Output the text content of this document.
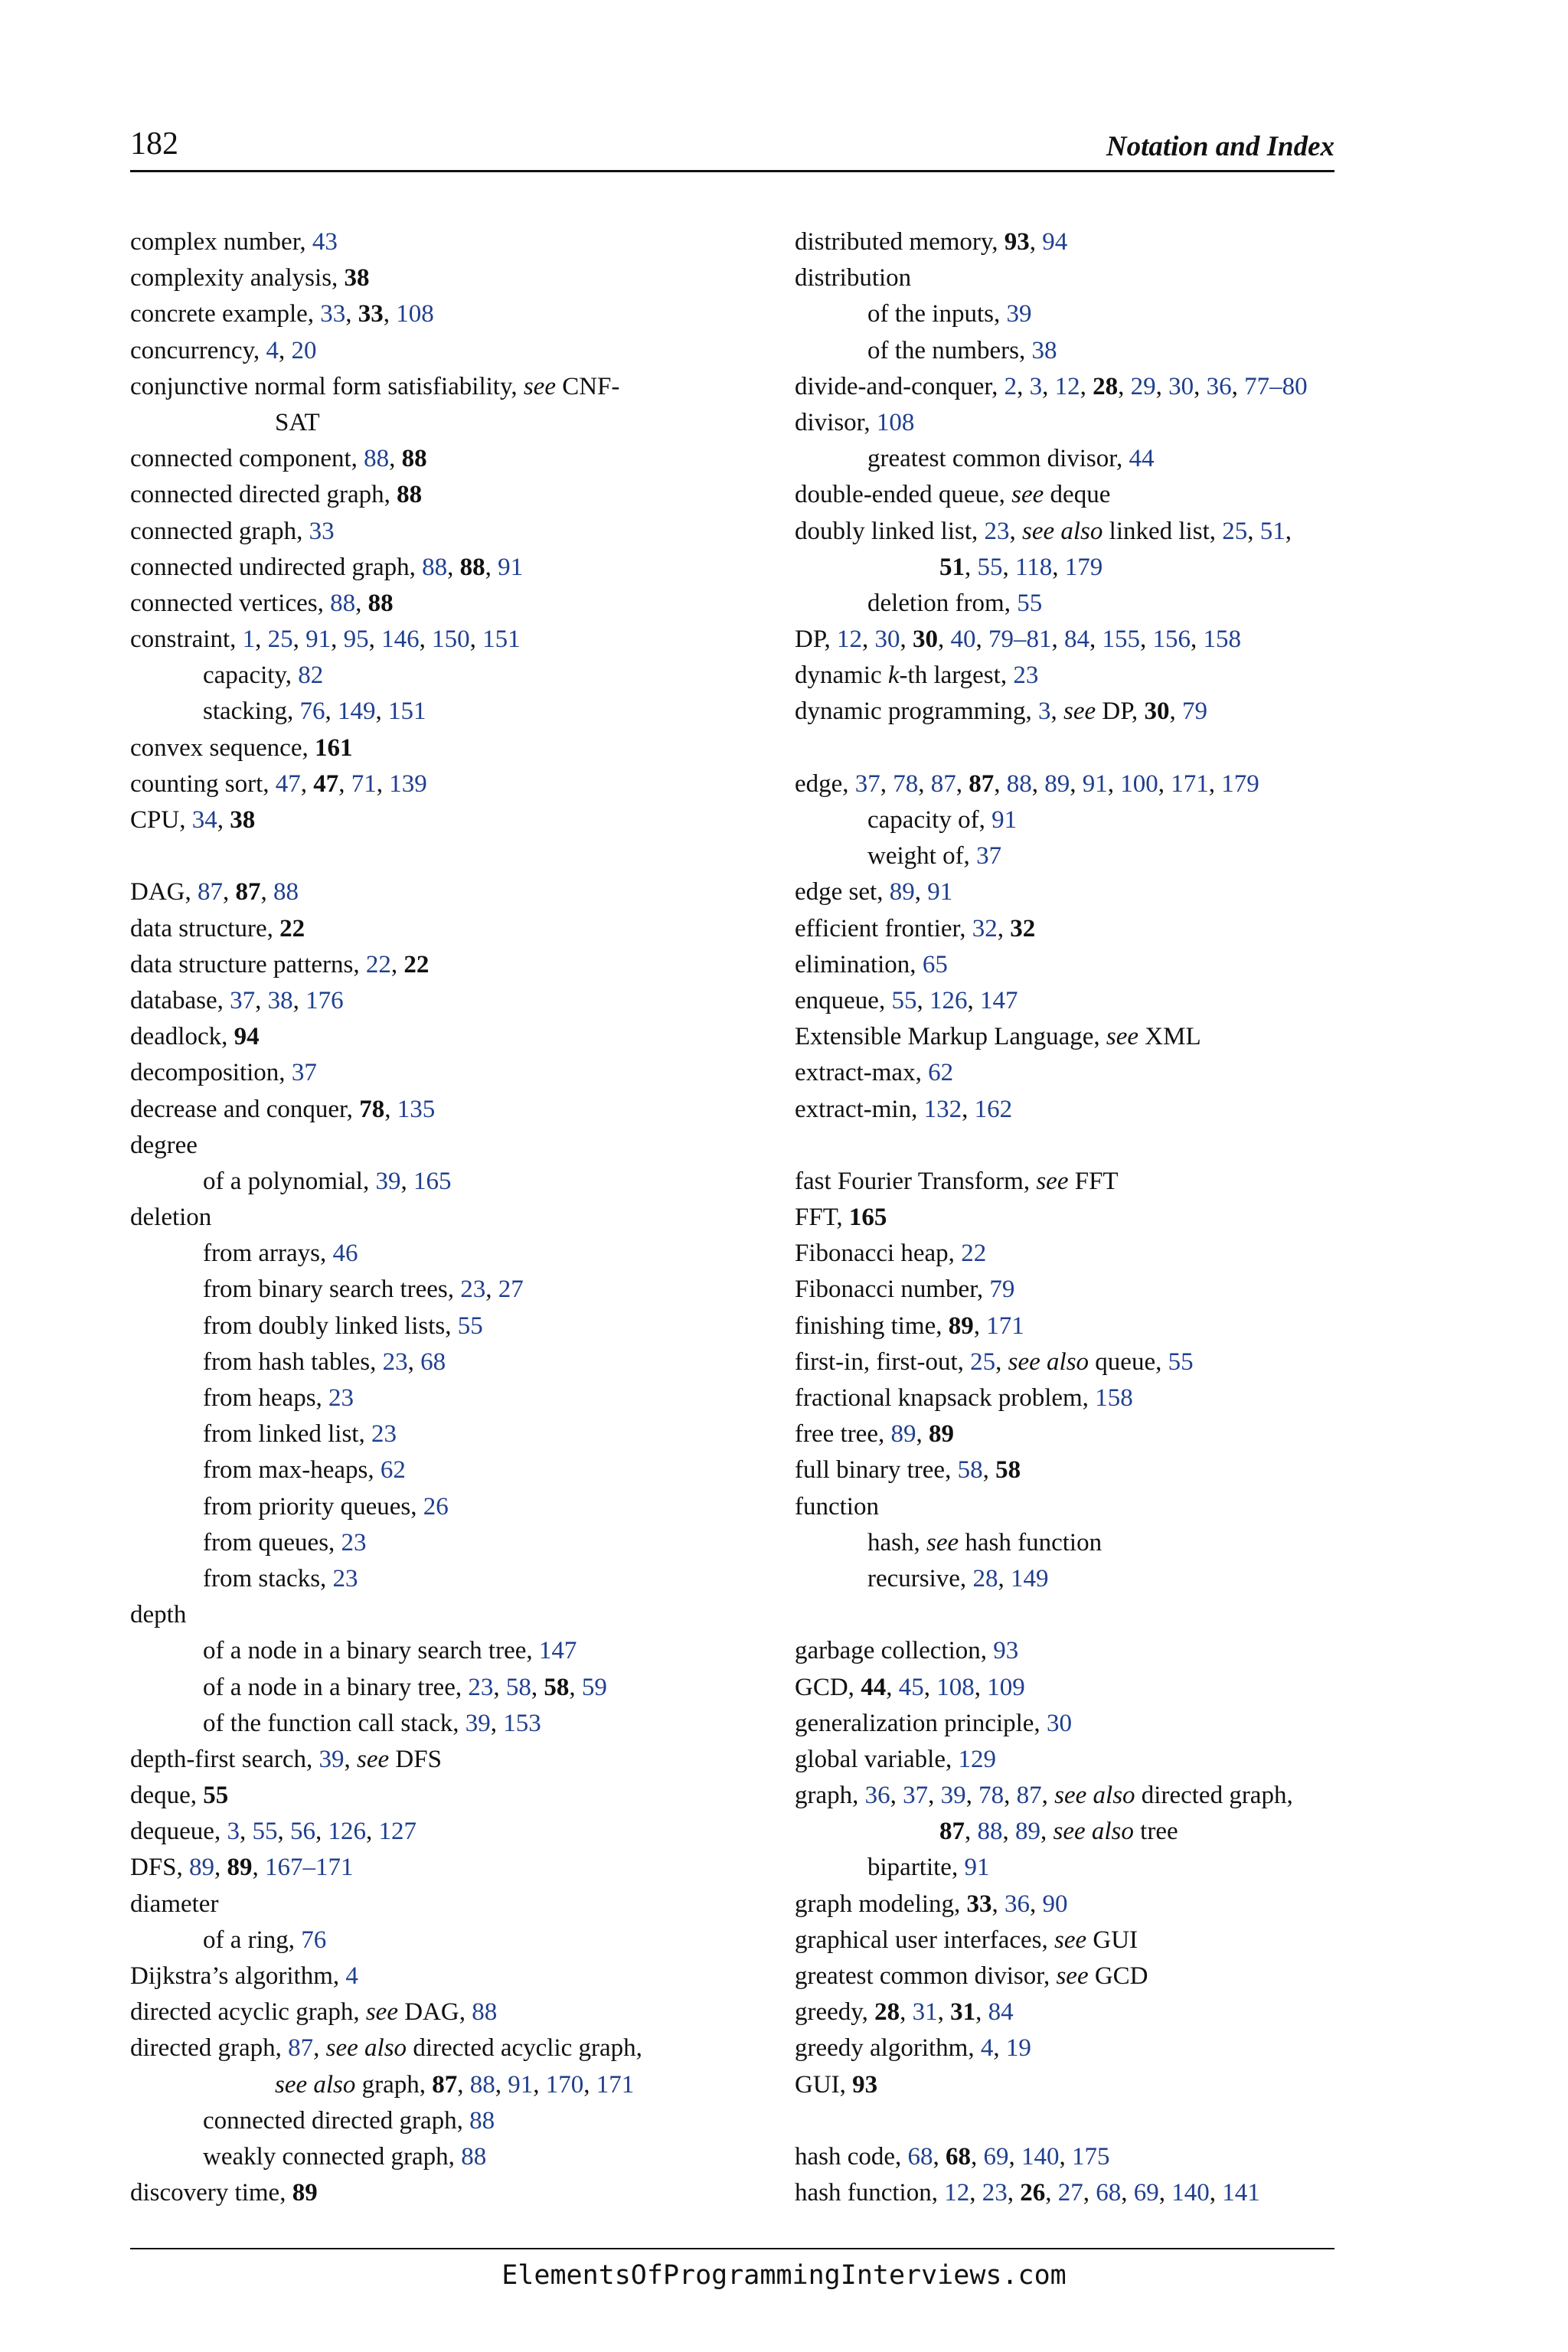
182	Notation and Index
complex number, 43
complexity analysis, 38
concrete example, 33, 33, 108
concurrency, 4, 20
conjunctive normal form satisfiability, see CNF-
SAT
connected component, 88, 88
connected directed graph, 88
connected graph, 33
connected undirected graph, 88, 88, 91
connected vertices, 88, 88
constraint, 1, 25, 91, 95, 146, 150, 151
capacity, 82
stacking, 76, 149, 151
convex sequence, 161
counting sort, 47, 47, 71, 139
CPU, 34, 38
DAG, 87, 87, 88
data structure, 22
data structure patterns, 22, 22
database, 37, 38, 176
deadlock, 94
decomposition, 37
decrease and conquer, 78, 135
degree
of a polynomial, 39, 165
deletion
from arrays, 46
from binary search trees, 23, 27
from doubly linked lists, 55
from hash tables, 23, 68
from heaps, 23
from linked list, 23
from max-heaps, 62
from priority queues, 26
from queues, 23
from stacks, 23
depth
of a node in a binary search tree, 147
of a node in a binary tree, 23, 58, 58, 59
of the function call stack, 39, 153
depth-first search, 39, see DFS
deque, 55
dequeue, 3, 55, 56, 126, 127
DFS, 89, 89, 167–171
diameter
of a ring, 76
Dijkstra’s algorithm, 4
directed acyclic graph, see DAG, 88
directed graph, 87, see also directed acyclic graph,
see also graph, 87, 88, 91, 170, 171
connected directed graph, 88
weakly connected graph, 88
discovery time, 89
distributed memory, 93, 94
distribution
of the inputs, 39
of the numbers, 38
divide-and-conquer, 2, 3, 12, 28, 29, 30, 36, 77–80
divisor, 108
greatest common divisor, 44
double-ended queue, see deque
doubly linked list, 23, see also linked list, 25, 51,
51, 55, 118, 179
deletion from, 55
DP, 12, 30, 30, 40, 79–81, 84, 155, 156, 158
dynamic k-th largest, 23
dynamic programming, 3, see DP, 30, 79
edge, 37, 78, 87, 87, 88, 89, 91, 100, 171, 179
capacity of, 91
weight of, 37
edge set, 89, 91
efficient frontier, 32, 32
elimination, 65
enqueue, 55, 126, 147
Extensible Markup Language, see XML
extract-max, 62
extract-min, 132, 162
fast Fourier Transform, see FFT
FFT, 165
Fibonacci heap, 22
Fibonacci number, 79
finishing time, 89, 171
first-in, first-out, 25, see also queue, 55
fractional knapsack problem, 158
free tree, 89, 89
full binary tree, 58, 58
function
hash, see hash function
recursive, 28, 149
garbage collection, 93
GCD, 44, 45, 108, 109
generalization principle, 30
global variable, 129
graph, 36, 37, 39, 78, 87, see also directed graph,
87, 88, 89, see also tree
bipartite, 91
graph modeling, 33, 36, 90
graphical user interfaces, see GUI
greatest common divisor, see GCD
greedy, 28, 31, 31, 84
greedy algorithm, 4, 19
GUI, 93
hash code, 68, 68, 69, 140, 175
hash function, 12, 23, 26, 27, 68, 69, 140, 141
ElementsOfProgrammingInterviews.com
